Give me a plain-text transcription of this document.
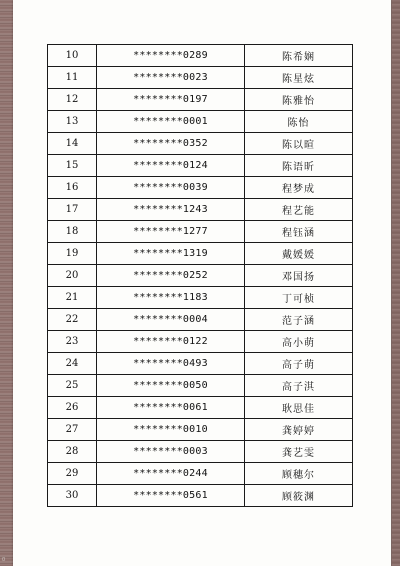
10	********0289	陈希娴
11	********0023	陈星炫
12	********0197	陈雅怡
13	********0001	陈怡
14	********0352	陈以暄
15	********0124	陈语昕
16	********0039	程梦成
17	********1243	程艺能
18	********1277	程钰涵
19	********1319	戴媛媛
20	********0252	邓国扬
21	********1183	丁可桢
22	********0004	范子涵
23	********0122	高小萌
24	********0493	高子萌
25	********0050	高子淇
26	********0061	耿思佳
27	********0010	龚婷婷
28	********0003	龚艺雯
29	********0244	顾穗尔
30	********0561	顾筱渊
0
